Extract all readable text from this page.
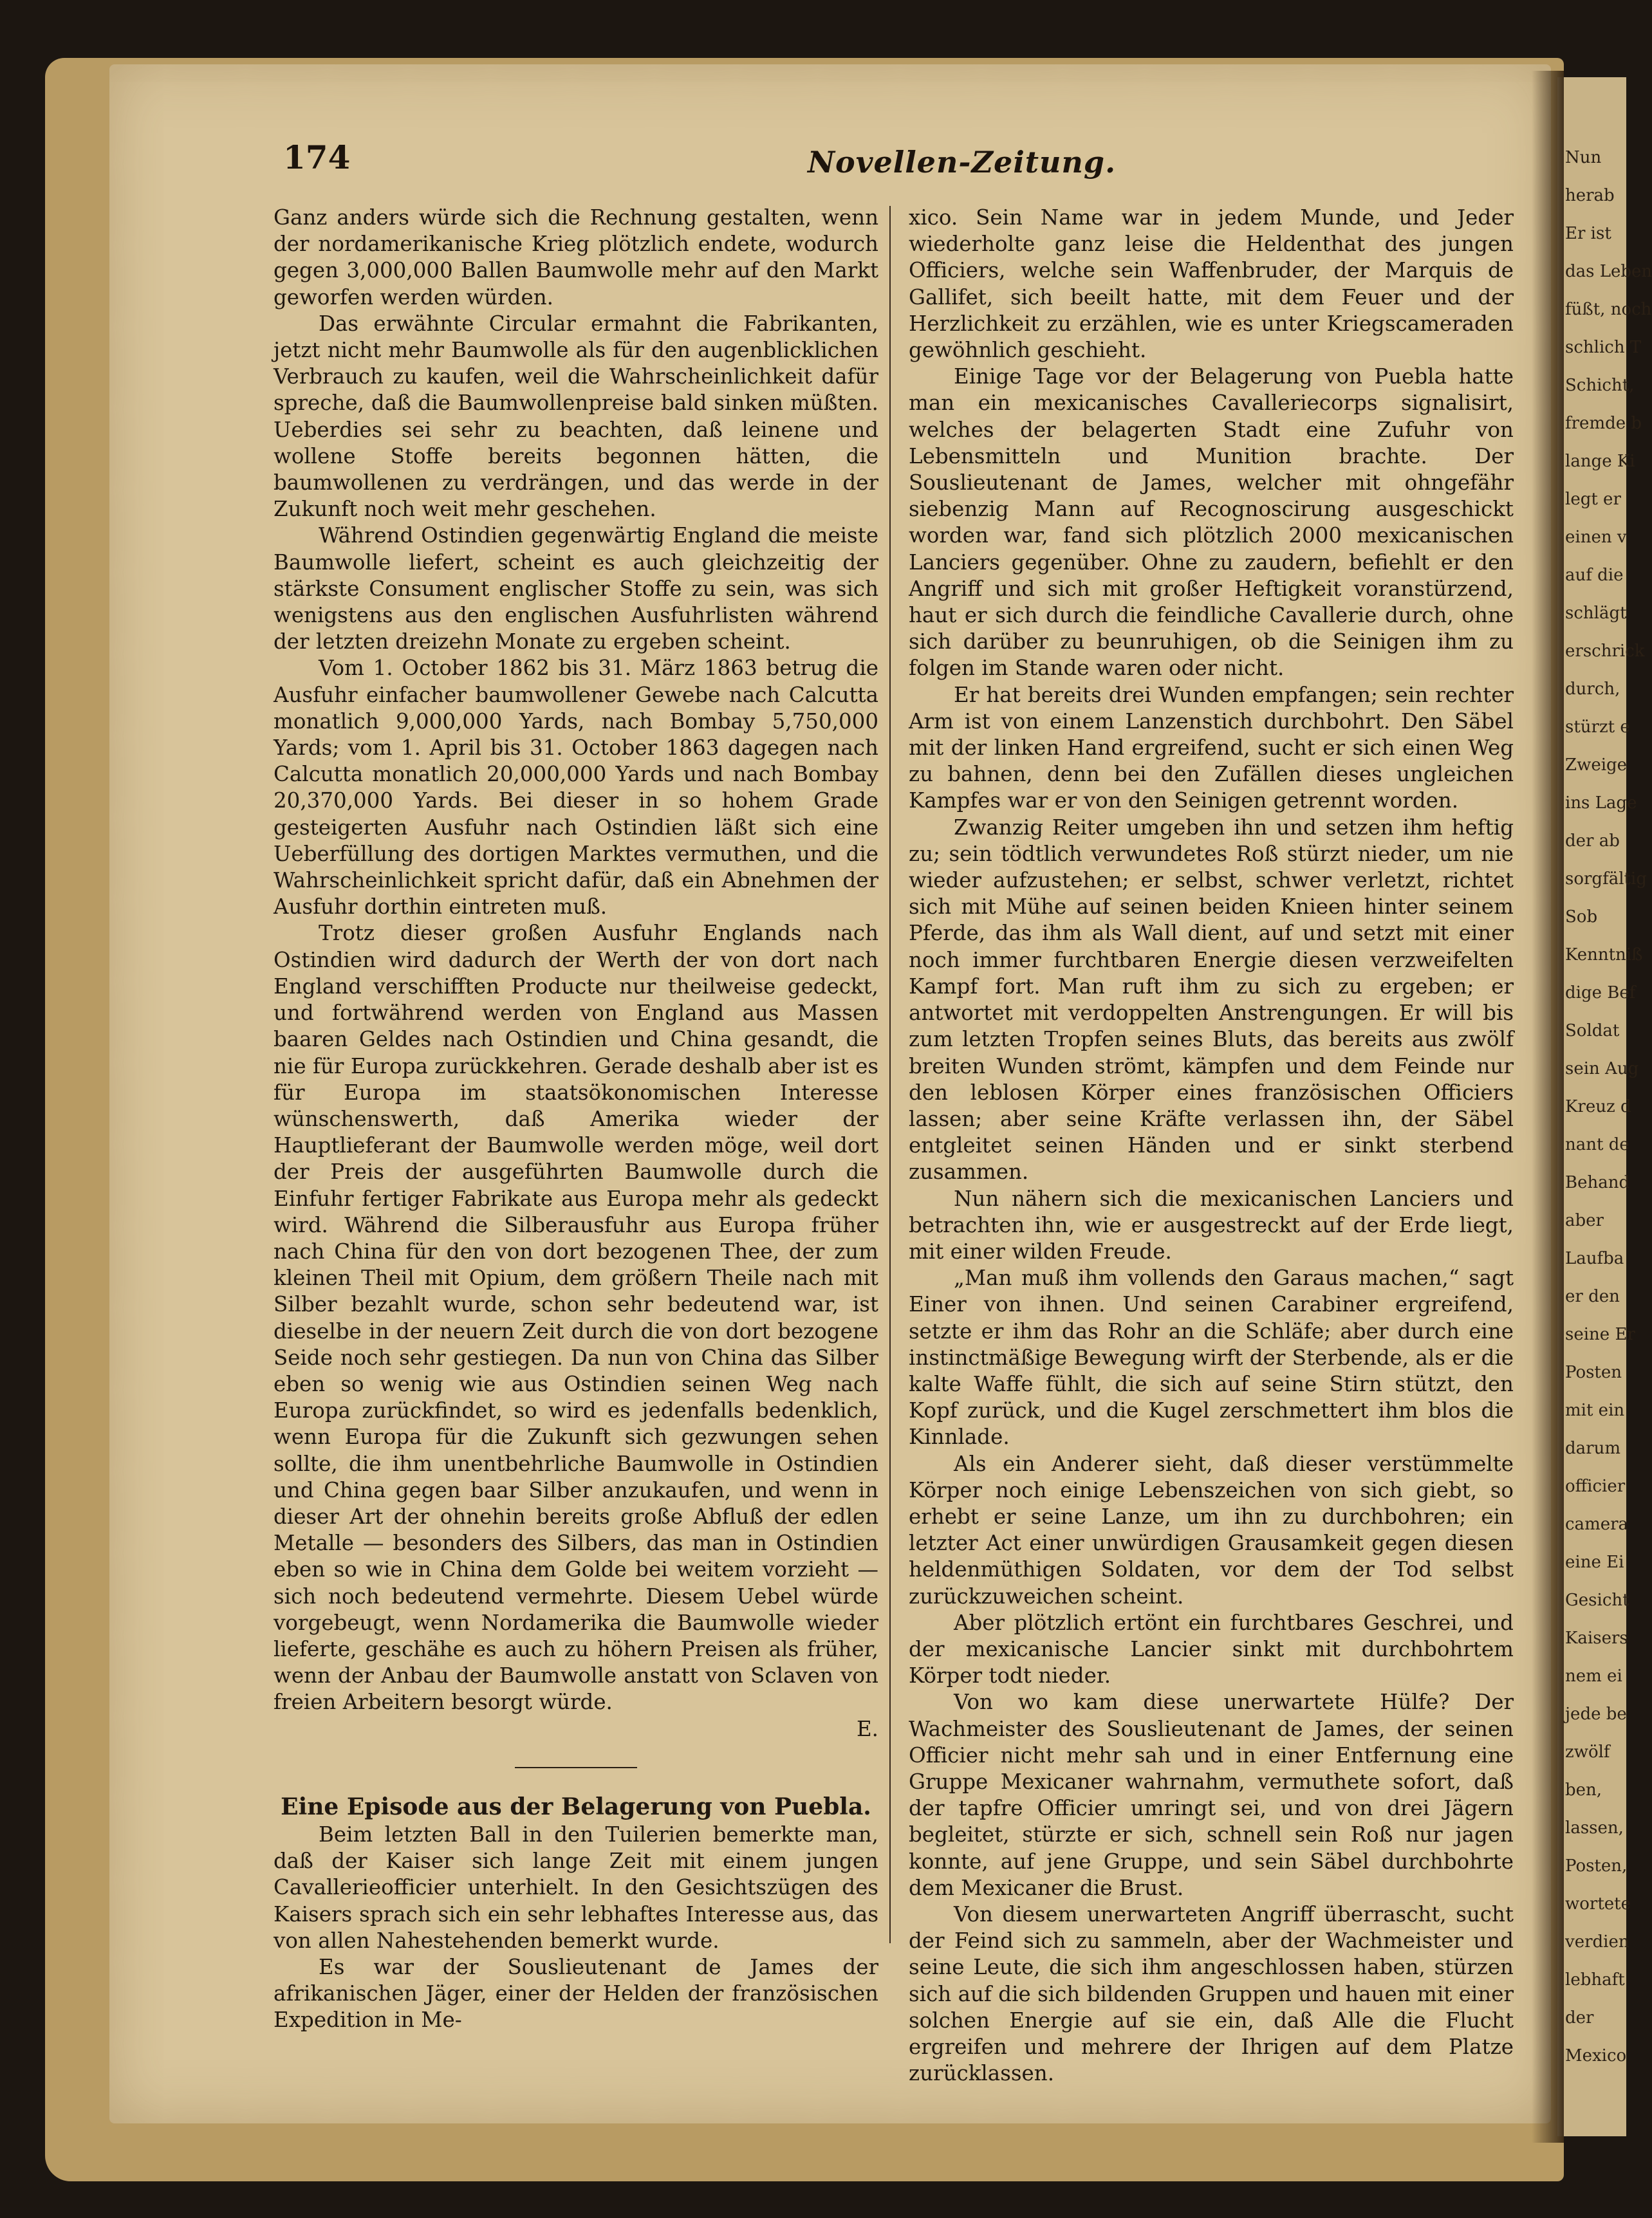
Nun
herab
Er ist
das Leben
füßt, noch
schlich T
Schicht,
fremde b
lange Ki
legt er
einen v
auf die
schlägt
erschrick
durch,
stürzt e
Zweige
ins Lage
der ab
sorgfältig
Sob
Kenntniß
dige Bef
Soldat
sein Aug
Kreuz d
nant de
Behand
aber
Laufba
er den
seine Er
Posten
mit ein
darum
officier
camera
eine Ei
Gesicht
Kaisers
nem ei
jede be
zwölf
ben,
lassen,
Posten,
wortete
verdien
lebhaft
der
Mexico
174	Novellen-Zeitung.

Ganz anders würde sich die Rechnung gestalten, wenn der nordamerikanische Krieg plötzlich endete, wodurch gegen 3,000,000 Ballen Baumwolle mehr auf den Markt geworfen werden würden.

Das erwähnte Circular ermahnt die Fabrikanten, jetzt nicht mehr Baumwolle als für den augenblicklichen Verbrauch zu kaufen, weil die Wahrscheinlichkeit dafür spreche, daß die Baumwollenpreise bald sinken müßten. Ueberdies sei sehr zu beachten, daß leinene und wollene Stoffe bereits begonnen hätten, die baumwollenen zu verdrängen, und das werde in der Zukunft noch weit mehr geschehen.

Während Ostindien gegenwärtig England die meiste Baumwolle liefert, scheint es auch gleichzeitig der stärkste Consument englischer Stoffe zu sein, was sich wenigstens aus den englischen Ausfuhrlisten während der letzten dreizehn Monate zu ergeben scheint.

Vom 1. October 1862 bis 31. März 1863 betrug die Ausfuhr einfacher baumwollener Gewebe nach Calcutta monatlich 9,000,000 Yards, nach Bombay 5,750,000 Yards; vom 1. April bis 31. October 1863 dagegen nach Calcutta monatlich 20,000,000 Yards und nach Bombay 20,370,000 Yards. Bei dieser in so hohem Grade gesteigerten Ausfuhr nach Ostindien läßt sich eine Ueberfüllung des dortigen Marktes vermuthen, und die Wahrscheinlichkeit spricht dafür, daß ein Abnehmen der Ausfuhr dorthin eintreten muß.

Trotz dieser großen Ausfuhr Englands nach Ostindien wird dadurch der Werth der von dort nach England verschifften Producte nur theilweise gedeckt, und fortwährend werden von England aus Massen baaren Geldes nach Ostindien und China gesandt, die nie für Europa zurückkehren. Gerade deshalb aber ist es für Europa im staatsökonomischen Interesse wünschenswerth, daß Amerika wieder der Hauptlieferant der Baumwolle werden möge, weil dort der Preis der ausgeführten Baumwolle durch die Einfuhr fertiger Fabrikate aus Europa mehr als gedeckt wird. Während die Silberausfuhr aus Europa früher nach China für den von dort bezogenen Thee, der zum kleinen Theil mit Opium, dem größern Theile nach mit Silber bezahlt wurde, schon sehr bedeutend war, ist dieselbe in der neuern Zeit durch die von dort bezogene Seide noch sehr gestiegen. Da nun von China das Silber eben so wenig wie aus Ostindien seinen Weg nach Europa zurückfindet, so wird es jedenfalls bedenklich, wenn Europa für die Zukunft sich gezwungen sehen sollte, die ihm unentbehrliche Baumwolle in Ostindien und China gegen baar Silber anzukaufen, und wenn in dieser Art der ohnehin bereits große Abfluß der edlen Metalle — besonders des Silbers, das man in Ostindien eben so wie in China dem Golde bei weitem vorzieht — sich noch bedeutend vermehrte. Diesem Uebel würde vorgebeugt, wenn Nordamerika die Baumwolle wieder lieferte, geschähe es auch zu höhern Preisen als früher, wenn der Anbau der Baumwolle anstatt von Sclaven von freien Arbeitern besorgt würde.

E.
Eine Episode aus der Belagerung von Puebla.

Beim letzten Ball in den Tuilerien bemerkte man, daß der Kaiser sich lange Zeit mit einem jungen Cavallerieofficier unterhielt. In den Gesichtszügen des Kaisers sprach sich ein sehr lebhaftes Interesse aus, das von allen Nahestehenden bemerkt wurde.

Es war der Souslieutenant de James der afrikanischen Jäger, einer der Helden der französischen Expedition in Me-

xico. Sein Name war in jedem Munde, und Jeder wiederholte ganz leise die Heldenthat des jungen Officiers, welche sein Waffenbruder, der Marquis de Gallifet, sich beeilt hatte, mit dem Feuer und der Herzlichkeit zu erzählen, wie es unter Kriegscameraden gewöhnlich geschieht.

Einige Tage vor der Belagerung von Puebla hatte man ein mexicanisches Cavalleriecorps signalisirt, welches der belagerten Stadt eine Zufuhr von Lebensmitteln und Munition brachte. Der Souslieutenant de James, welcher mit ohngefähr siebenzig Mann auf Recognoscirung ausgeschickt worden war, fand sich plötzlich 2000 mexicanischen Lanciers gegenüber. Ohne zu zaudern, befiehlt er den Angriff und sich mit großer Heftigkeit voranstürzend, haut er sich durch die feindliche Cavallerie durch, ohne sich darüber zu beunruhigen, ob die Seinigen ihm zu folgen im Stande waren oder nicht.

Er hat bereits drei Wunden empfangen; sein rechter Arm ist von einem Lanzenstich durchbohrt. Den Säbel mit der linken Hand ergreifend, sucht er sich einen Weg zu bahnen, denn bei den Zufällen dieses ungleichen Kampfes war er von den Seinigen getrennt worden.

Zwanzig Reiter umgeben ihn und setzen ihm heftig zu; sein tödtlich verwundetes Roß stürzt nieder, um nie wieder aufzustehen; er selbst, schwer verletzt, richtet sich mit Mühe auf seinen beiden Knieen hinter seinem Pferde, das ihm als Wall dient, auf und setzt mit einer noch immer furchtbaren Energie diesen verzweifelten Kampf fort. Man ruft ihm zu sich zu ergeben; er antwortet mit verdoppelten Anstrengungen. Er will bis zum letzten Tropfen seines Bluts, das bereits aus zwölf breiten Wunden strömt, kämpfen und dem Feinde nur den leblosen Körper eines französischen Officiers lassen; aber seine Kräfte verlassen ihn, der Säbel entgleitet seinen Händen und er sinkt sterbend zusammen.

Nun nähern sich die mexicanischen Lanciers und betrachten ihn, wie er ausgestreckt auf der Erde liegt, mit einer wilden Freude.

„Man muß ihm vollends den Garaus machen,“ sagt Einer von ihnen. Und seinen Carabiner ergreifend, setzte er ihm das Rohr an die Schläfe; aber durch eine instinctmäßige Bewegung wirft der Sterbende, als er die kalte Waffe fühlt, die sich auf seine Stirn stützt, den Kopf zurück, und die Kugel zerschmettert ihm blos die Kinnlade.

Als ein Anderer sieht, daß dieser verstümmelte Körper noch einige Lebenszeichen von sich giebt, so erhebt er seine Lanze, um ihn zu durchbohren; ein letzter Act einer unwürdigen Grausamkeit gegen diesen heldenmüthigen Soldaten, vor dem der Tod selbst zurückzuweichen scheint.

Aber plötzlich ertönt ein furchtbares Geschrei, und der mexicanische Lancier sinkt mit durchbohrtem Körper todt nieder.

Von wo kam diese unerwartete Hülfe? Der Wachmeister des Souslieutenant de James, der seinen Officier nicht mehr sah und in einer Entfernung eine Gruppe Mexicaner wahrnahm, vermuthete sofort, daß der tapfre Officier umringt sei, und von drei Jägern begleitet, stürzte er sich, schnell sein Roß nur jagen konnte, auf jene Gruppe, und sein Säbel durchbohrte dem Mexicaner die Brust.

Von diesem unerwarteten Angriff überrascht, sucht der Feind sich zu sammeln, aber der Wachmeister und seine Leute, die sich ihm angeschlossen haben, stürzen sich auf die sich bildenden Gruppen und hauen mit einer solchen Energie auf sie ein, daß Alle die Flucht ergreifen und mehrere der Ihrigen auf dem Platze zurücklassen.
